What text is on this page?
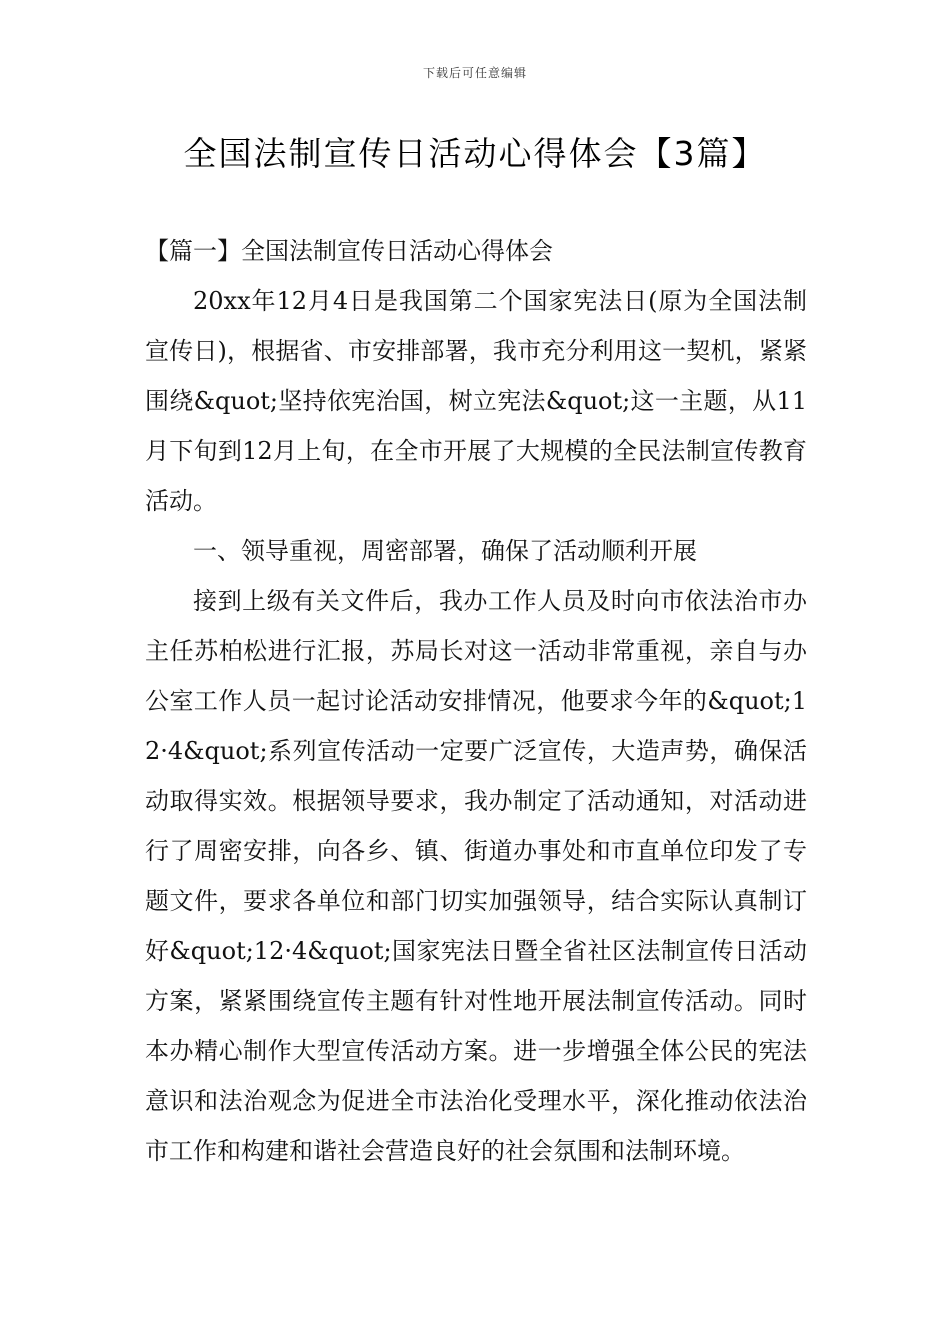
下载后可任意编辑
全国法制宣传日活动心得体会【3篇】
【篇一】全国法制宣传日活动心得体会

20xx年12月4日是我国第二个国家宪法日(原为全国法制宣传日)，根据省、市安排部署，我市充分利用这一契机，紧紧围绕&quot;坚持依宪治国，树立宪法&quot;这一主题，从11月下旬到12月上旬，在全市开展了大规模的全民法制宣传教育活动。

一、领导重视，周密部署，确保了活动顺利开展

接到上级有关文件后，我办工作人员及时向市依法治市办主任苏柏松进行汇报，苏局长对这一活动非常重视，亲自与办公室工作人员一起讨论活动安排情况，他要求今年的&quot;12·4&quot;系列宣传活动一定要广泛宣传，大造声势，确保活动取得实效。根据领导要求，我办制定了活动通知，对活动进行了周密安排，向各乡、镇、街道办事处和市直单位印发了专题文件，要求各单位和部门切实加强领导，结合实际认真制订好&quot;12·4&quot;国家宪法日暨全省社区法制宣传日活动方案，紧紧围绕宣传主题有针对性地开展法制宣传活动。同时本办精心制作大型宣传活动方案。进一步增强全体公民的宪法意识和法治观念为促进全市法治化受理水平，深化推动依法治市工作和构建和谐社会营造良好的社会氛围和法制环境。
